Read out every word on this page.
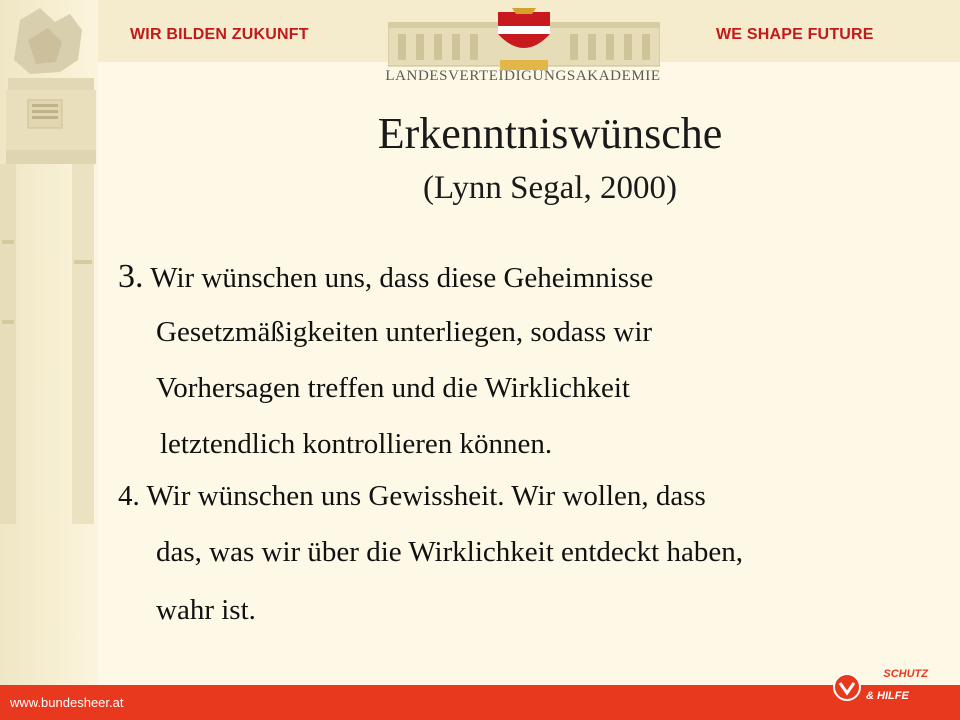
WIR BILDEN ZUKUNFT	WE SHAPE FUTURE
LANDESVERTEIDIGUNGSAKADEMIE
Erkenntniswünsche
(Lynn Segal, 2000)
3. Wir wünschen uns, dass diese Geheimnisse
Gesetzmäßigkeiten unterliegen, sodass wir
Vorhersagen treffen und die Wirklichkeit
letztendlich kontrollieren können.
4. Wir wünschen uns Gewissheit. Wir wollen, dass
das, was wir über die Wirklichkeit entdeckt haben,
wahr ist.
www.bundesheer.at
SCHUTZ
& HILFE
